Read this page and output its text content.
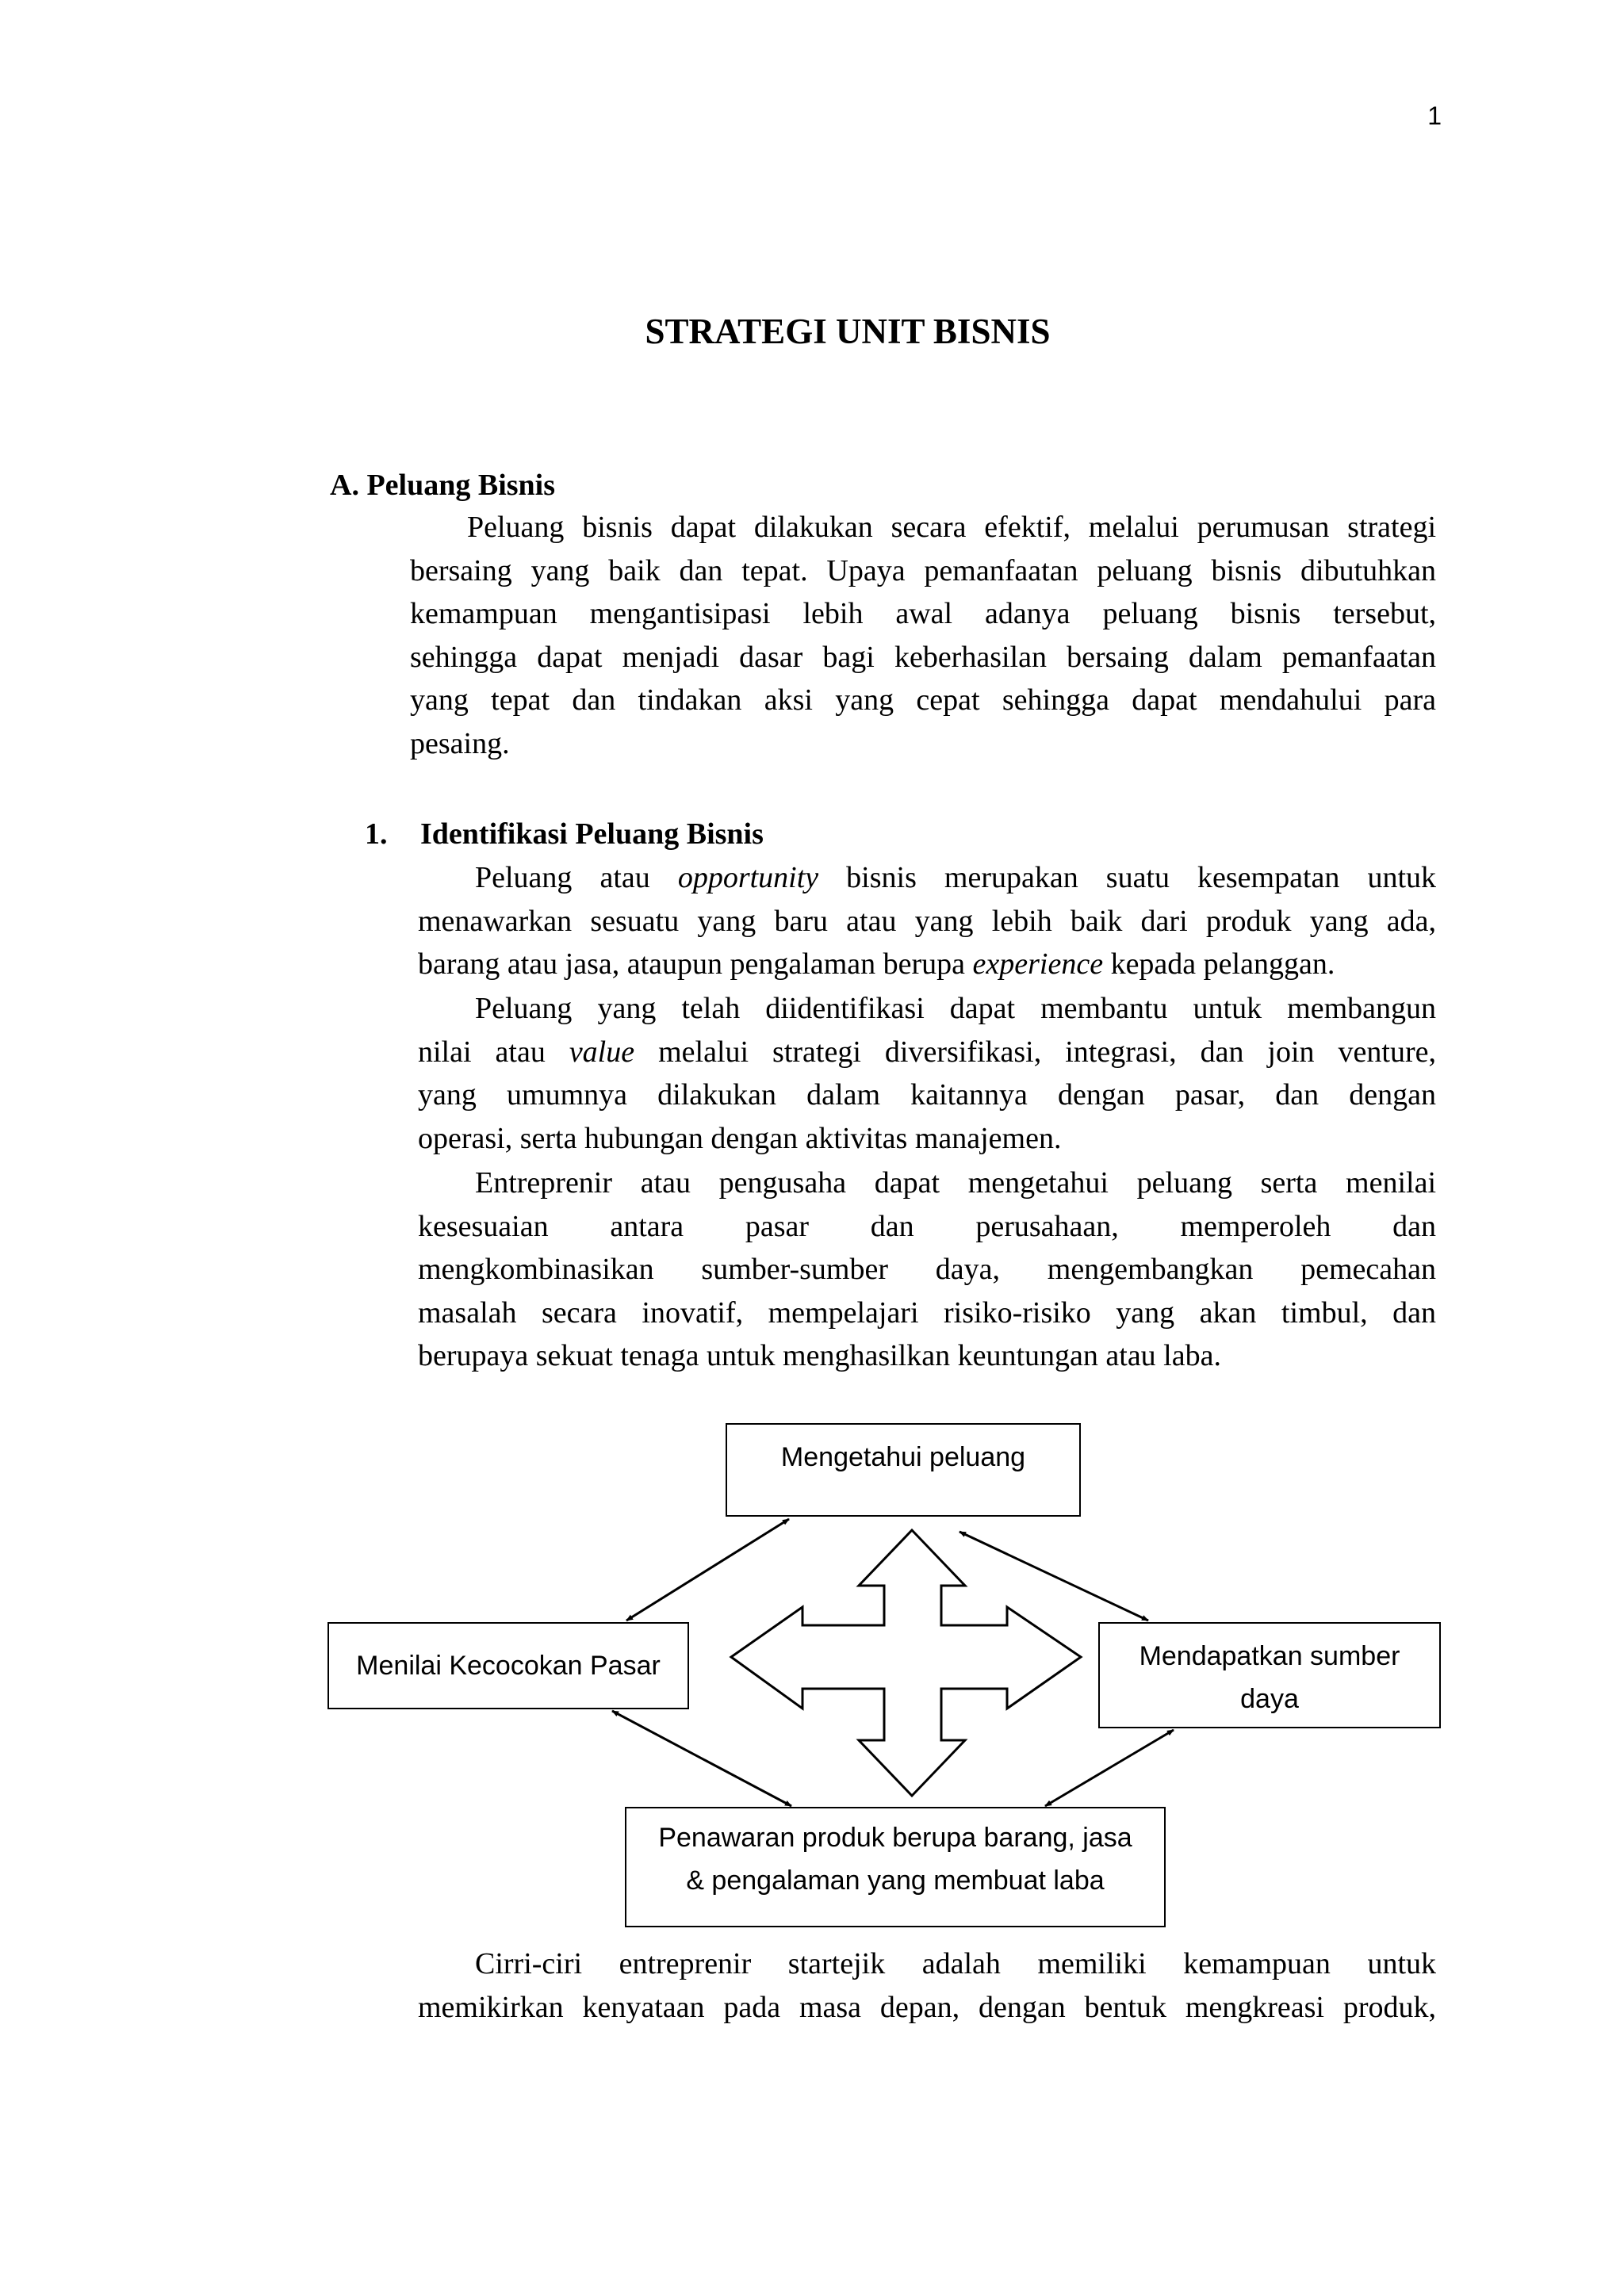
1
STRATEGI UNIT BISNIS
A. Peluang Bisnis
Peluang bisnis dapat dilakukan secara efektif, melalui perumusan strategi
bersaing yang baik dan tepat. Upaya pemanfaatan peluang bisnis dibutuhkan
kemampuan mengantisipasi lebih awal adanya peluang bisnis tersebut,
sehingga dapat menjadi dasar bagi keberhasilan bersaing dalam pemanfaatan
yang tepat dan tindakan aksi yang cepat sehingga dapat mendahului para
pesaing.
1. Identifikasi Peluang Bisnis
Peluang atau opportunity bisnis merupakan suatu kesempatan untuk
menawarkan sesuatu yang baru atau yang lebih baik dari produk yang ada,
barang atau jasa, ataupun pengalaman berupa experience kepada pelanggan.
Peluang yang telah diidentifikasi dapat membantu untuk membangun
nilai atau value melalui strategi diversifikasi, integrasi, dan join venture,
yang umumnya dilakukan dalam kaitannya dengan pasar, dan dengan
operasi, serta hubungan dengan aktivitas manajemen.
Entreprenir atau pengusaha dapat mengetahui peluang serta menilai
kesesuaian antara pasar dan perusahaan, memperoleh dan
mengkombinasikan sumber-sumber daya, mengembangkan pemecahan
masalah secara inovatif, mempelajari risiko-risiko yang akan timbul, dan
berupaya sekuat tenaga untuk menghasilkan keuntungan atau laba.
Mengetahui peluang
Menilai Kecocokan Pasar	Mendapatkan sumber
daya
Penawaran produk berupa barang, jasa
& pengalaman yang membuat laba
Cirri-ciri entreprenir startejik adalah memiliki kemampuan untuk
memikirkan kenyataan pada masa depan, dengan bentuk mengkreasi produk,
